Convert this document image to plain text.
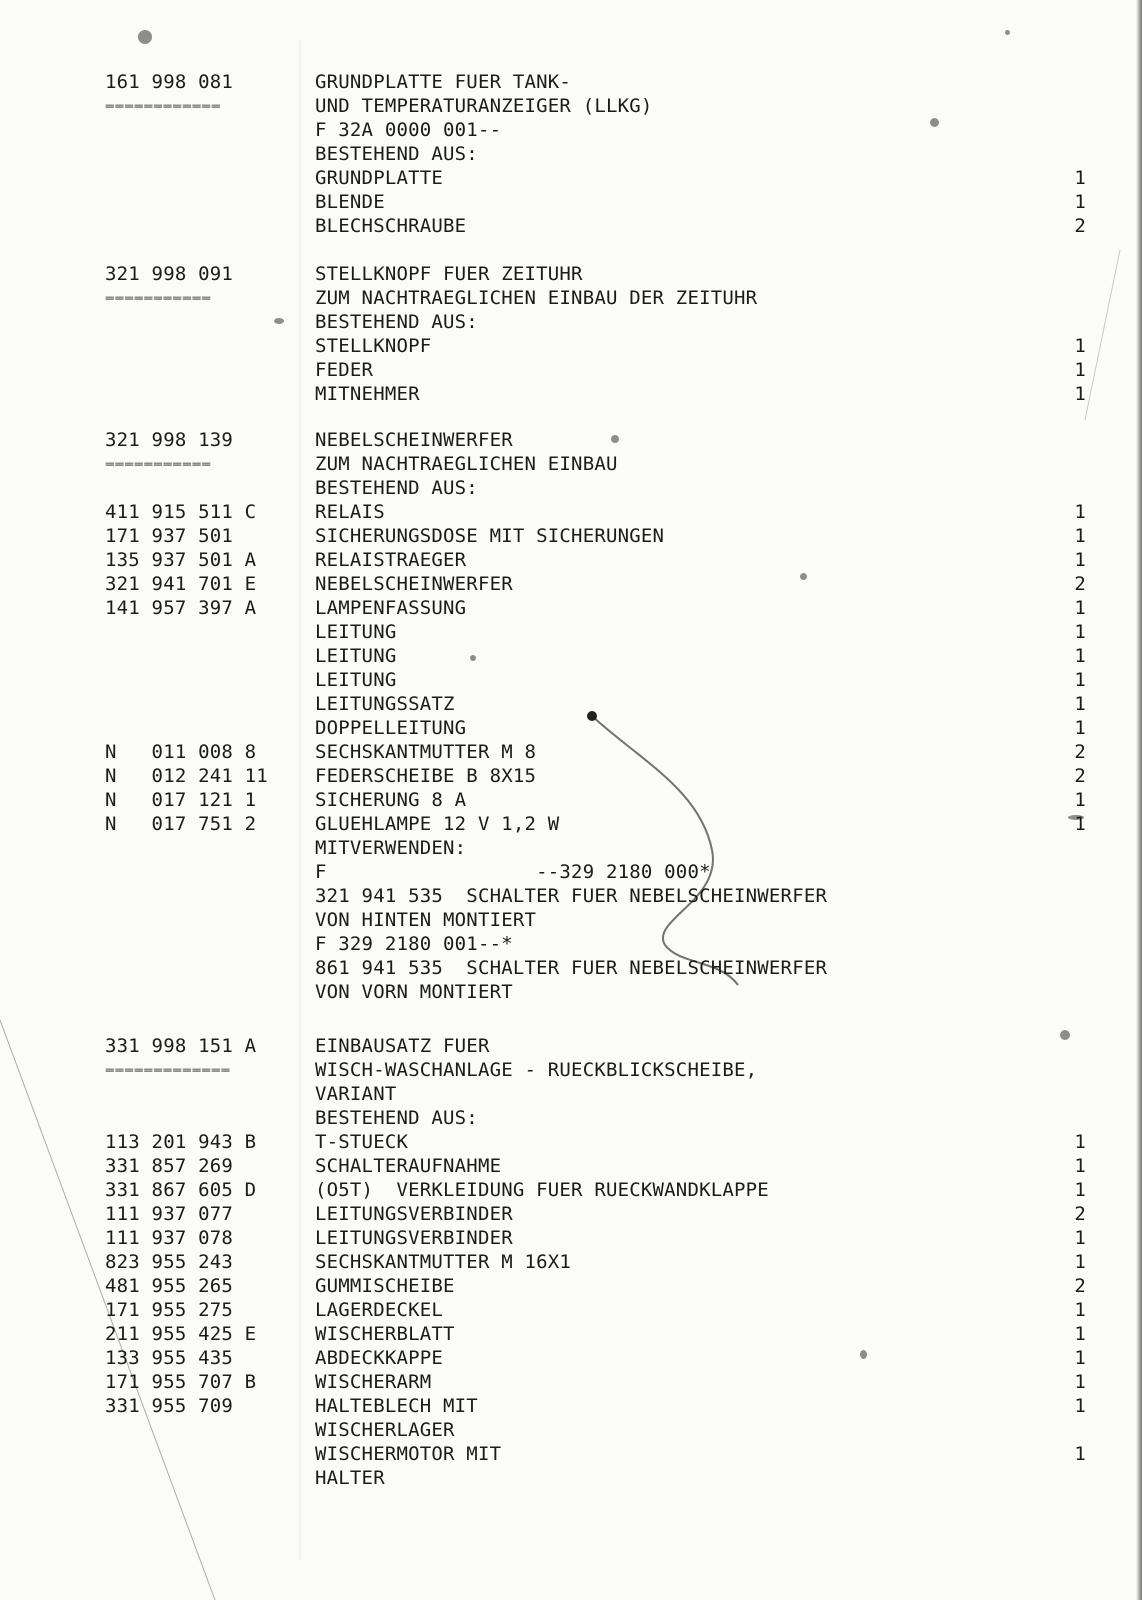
161 998 081
============
GRUNDPLATTE FUER TANK-
UND TEMPERATURANZEIGER (LLKG)
F 32A 0000 001--
BESTEHEND AUS:
GRUNDPLATTE	1
BLENDE	1
BLECHSCHRAUBE	2
321 998 091
===========
STELLKNOPF FUER ZEITUHR
ZUM NACHTRAEGLICHEN EINBAU DER ZEITUHR
BESTEHEND AUS:
STELLKNOPF	1
FEDER	1
MITNEHMER	1
321 998 139
===========
NEBELSCHEINWERFER
ZUM NACHTRAEGLICHEN EINBAU
BESTEHEND AUS:
411 915 511 C	RELAIS	1
171 937 501	SICHERUNGSDOSE MIT SICHERUNGEN	1
135 937 501 A	RELAISTRAEGER	1
321 941 701 E	NEBELSCHEINWERFER	2
141 957 397 A	LAMPENFASSUNG	1
LEITUNG	1
LEITUNG	1
LEITUNG	1
LEITUNGSSATZ	1
DOPPELLEITUNG	1
N   011 008 8	SECHSKANTMUTTER M 8	2
N   012 241 11 FEDERSCHEIBE B 8X15	2
N   017 121 1	SICHERUNG 8 A	1
N   017 751 2	GLUEHLAMPE 12 V 1,2 W	1
MITVERWENDEN:
F                  --329 2180 000*
321 941 535  SCHALTER FUER NEBELSCHEINWERFER
VON HINTEN MONTIERT
F 329 2180 001--*
861 941 535  SCHALTER FUER NEBELSCHEINWERFER
VON VORN MONTIERT
331 998 151 A
=============
EINBAUSATZ FUER
WISCH-WASCHANLAGE - RUECKBLICKSCHEIBE,
VARIANT
BESTEHEND AUS:
113 201 943 B	T-STUECK	1
331 857 269	SCHALTERAUFNAHME	1
331 867 605 D	(O5T)  VERKLEIDUNG FUER RUECKWANDKLAPPE	1
111 937 077	LEITUNGSVERBINDER	2
111 937 078	LEITUNGSVERBINDER	1
823 955 243	SECHSKANTMUTTER M 16X1	1
481 955 265	GUMMISCHEIBE	2
171 955 275	LAGERDECKEL	1
211 955 425 E	WISCHERBLATT	1
133 955 435	ABDECKKAPPE	1
171 955 707 B	WISCHERARM	1
331 955 709	HALTEBLECH MIT	1
WISCHERLAGER
WISCHERMOTOR MIT	1
HALTER
